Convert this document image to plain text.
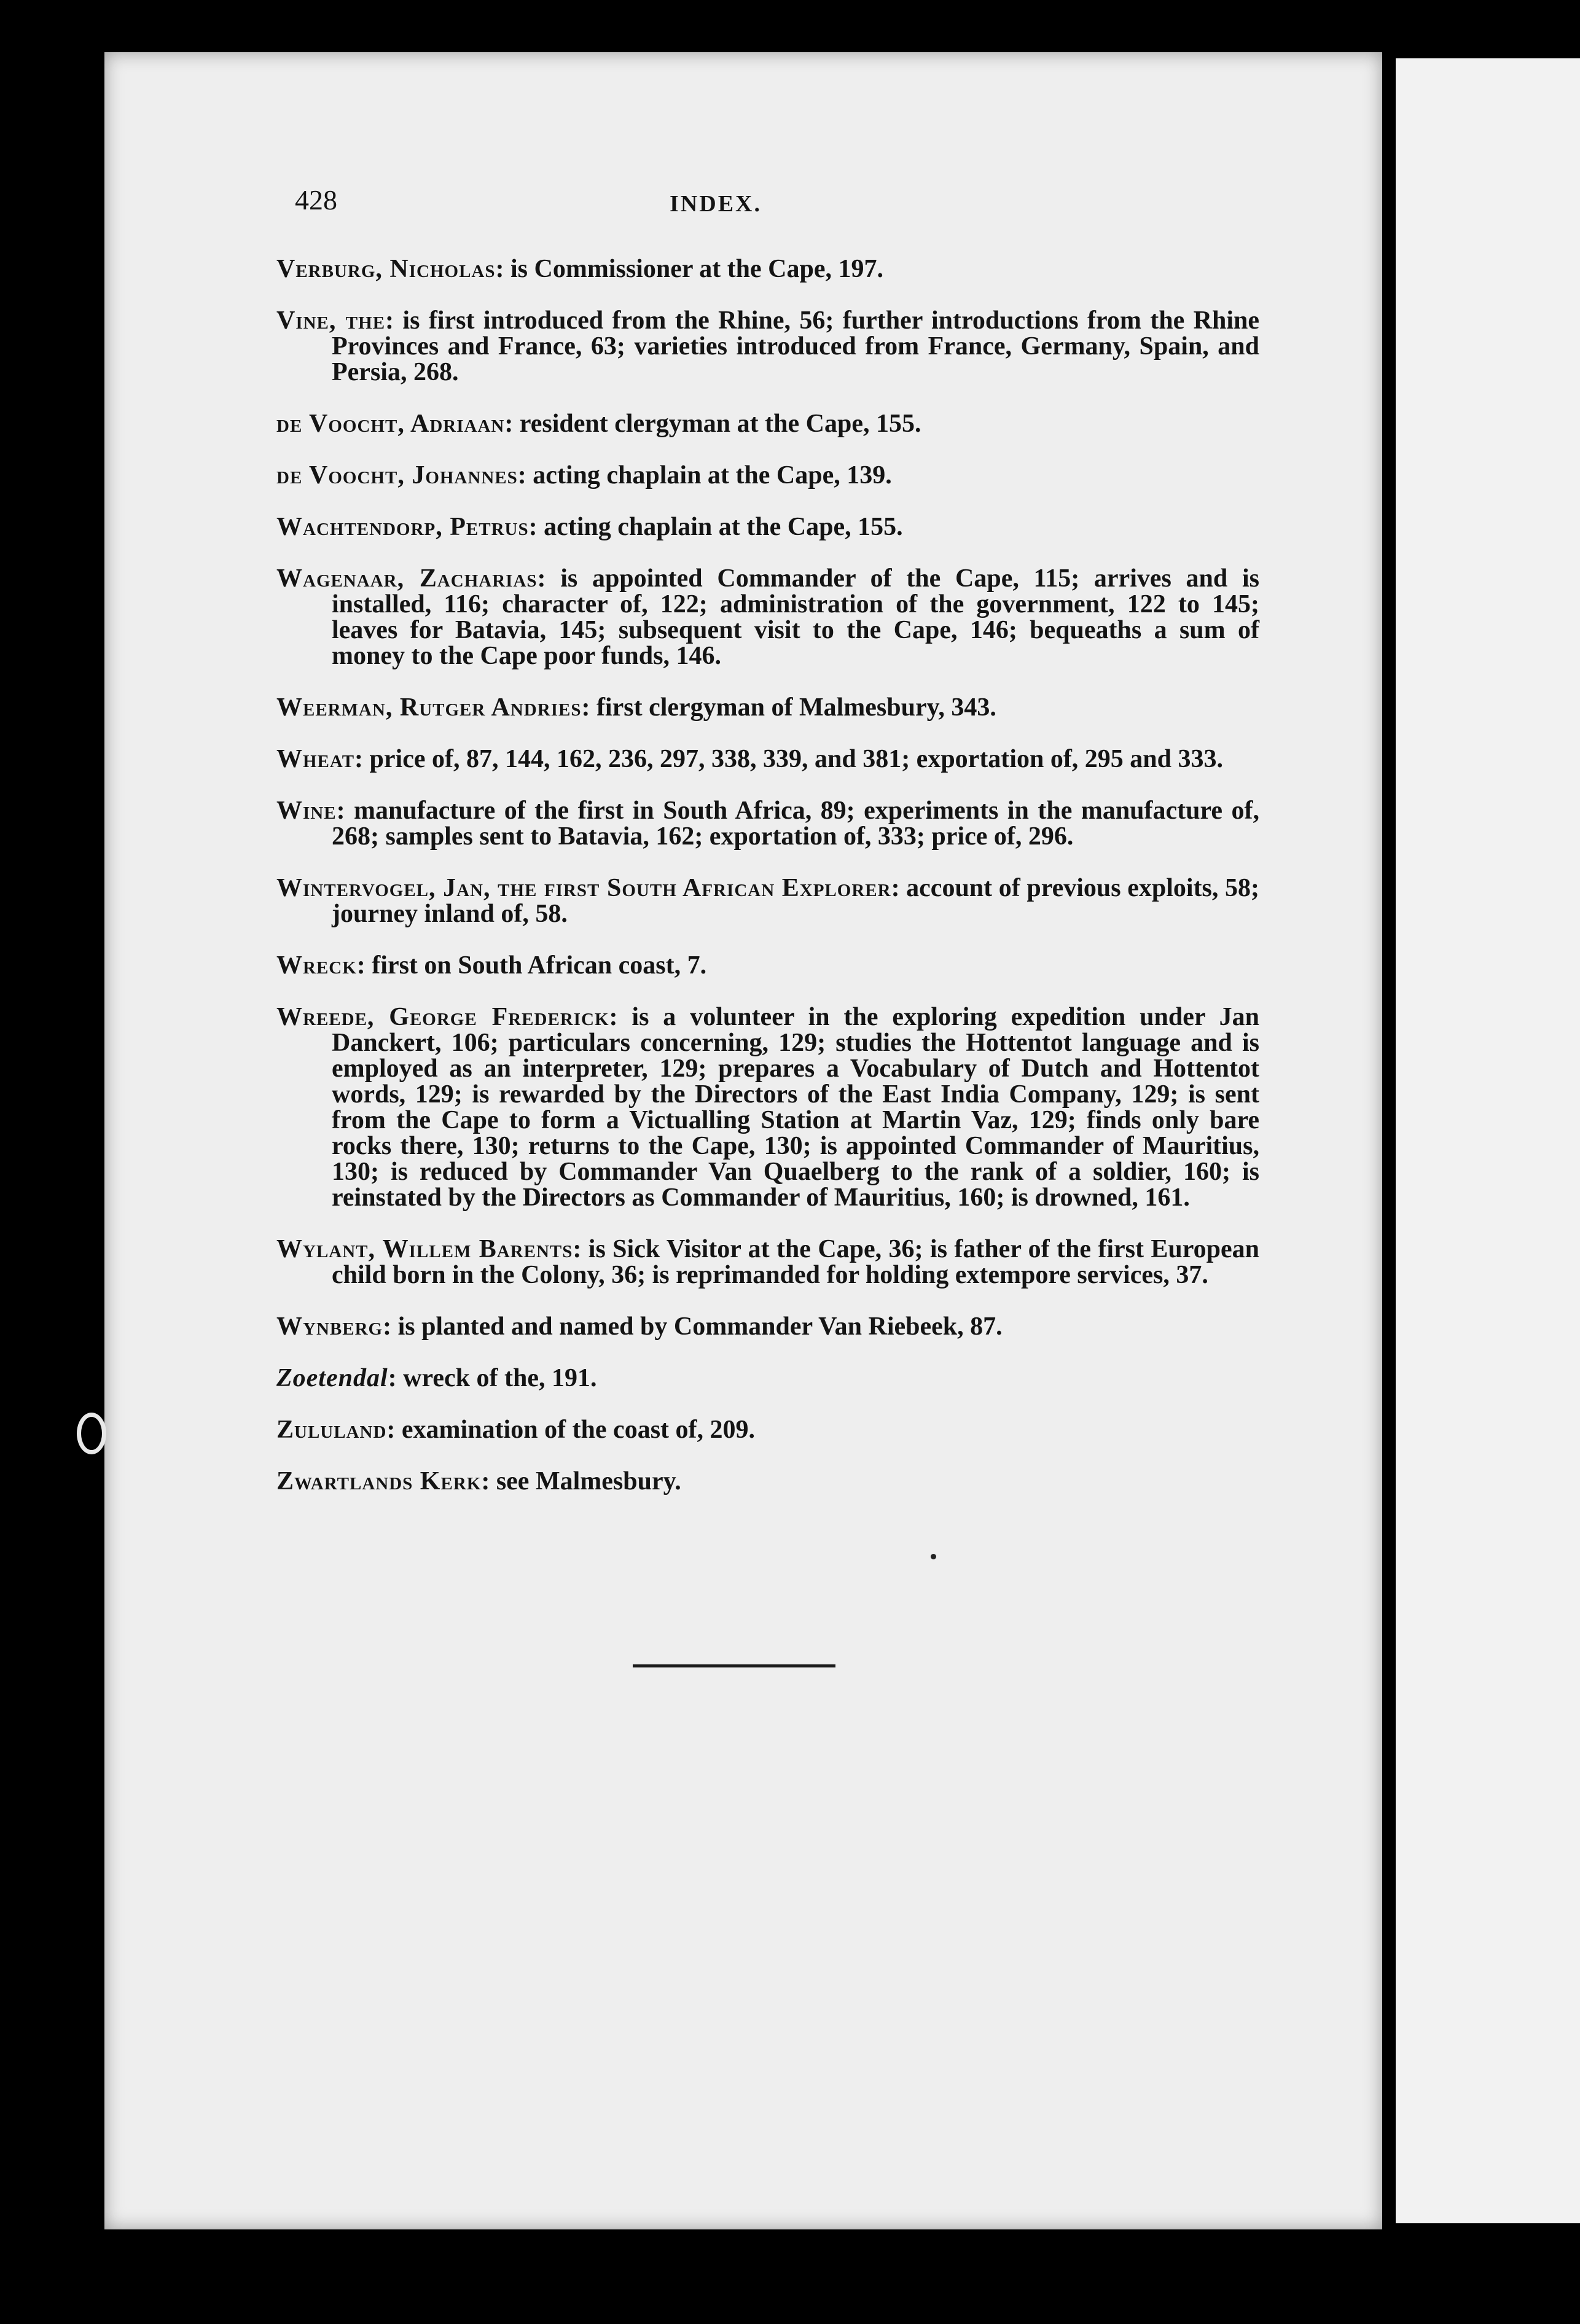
428	INDEX.

Verburg, Nicholas: is Commissioner at the Cape, 197.

Vine, the: is first introduced from the Rhine, 56; further introductions from the Rhine Provinces and France, 63; varieties introduced from France, Germany, Spain, and Persia, 268.

de Voocht, Adriaan: resident clergyman at the Cape, 155.

de Voocht, Johannes: acting chaplain at the Cape, 139.

Wachtendorp, Petrus: acting chaplain at the Cape, 155.

Wagenaar, Zacharias: is appointed Commander of the Cape, 115; arrives and is installed, 116; character of, 122; administration of the government, 122 to 145; leaves for Batavia, 145; subsequent visit to the Cape, 146; bequeaths a sum of money to the Cape poor funds, 146.

Weerman, Rutger Andries: first clergyman of Malmesbury, 343.

Wheat: price of, 87, 144, 162, 236, 297, 338, 339, and 381; exportation of, 295 and 333.

Wine: manufacture of the first in South Africa, 89; experiments in the manufacture of, 268; samples sent to Batavia, 162; exportation of, 333; price of, 296.

Wintervogel, Jan, the first South African Explorer: account of previous exploits, 58; journey inland of, 58.

Wreck: first on South African coast, 7.

Wreede, George Frederick: is a volunteer in the exploring expedition under Jan Danckert, 106; particulars concerning, 129; studies the Hottentot language and is employed as an interpreter, 129; prepares a Vocabulary of Dutch and Hottentot words, 129; is rewarded by the Directors of the East India Company, 129; is sent from the Cape to form a Victualling Station at Martin Vaz, 129; finds only bare rocks there, 130; returns to the Cape, 130; is appointed Commander of Mauritius, 130; is reduced by Commander Van Quaelberg to the rank of a soldier, 160; is reinstated by the Directors as Commander of Mauritius, 160; is drowned, 161.

Wylant, Willem Barents: is Sick Visitor at the Cape, 36; is father of the first European child born in the Colony, 36; is reprimanded for holding extempore services, 37.

Wynberg: is planted and named by Commander Van Riebeek, 87.

Zoetendal: wreck of the, 191.

Zululand: examination of the coast of, 209.

Zwartlands Kerk: see Malmesbury.
